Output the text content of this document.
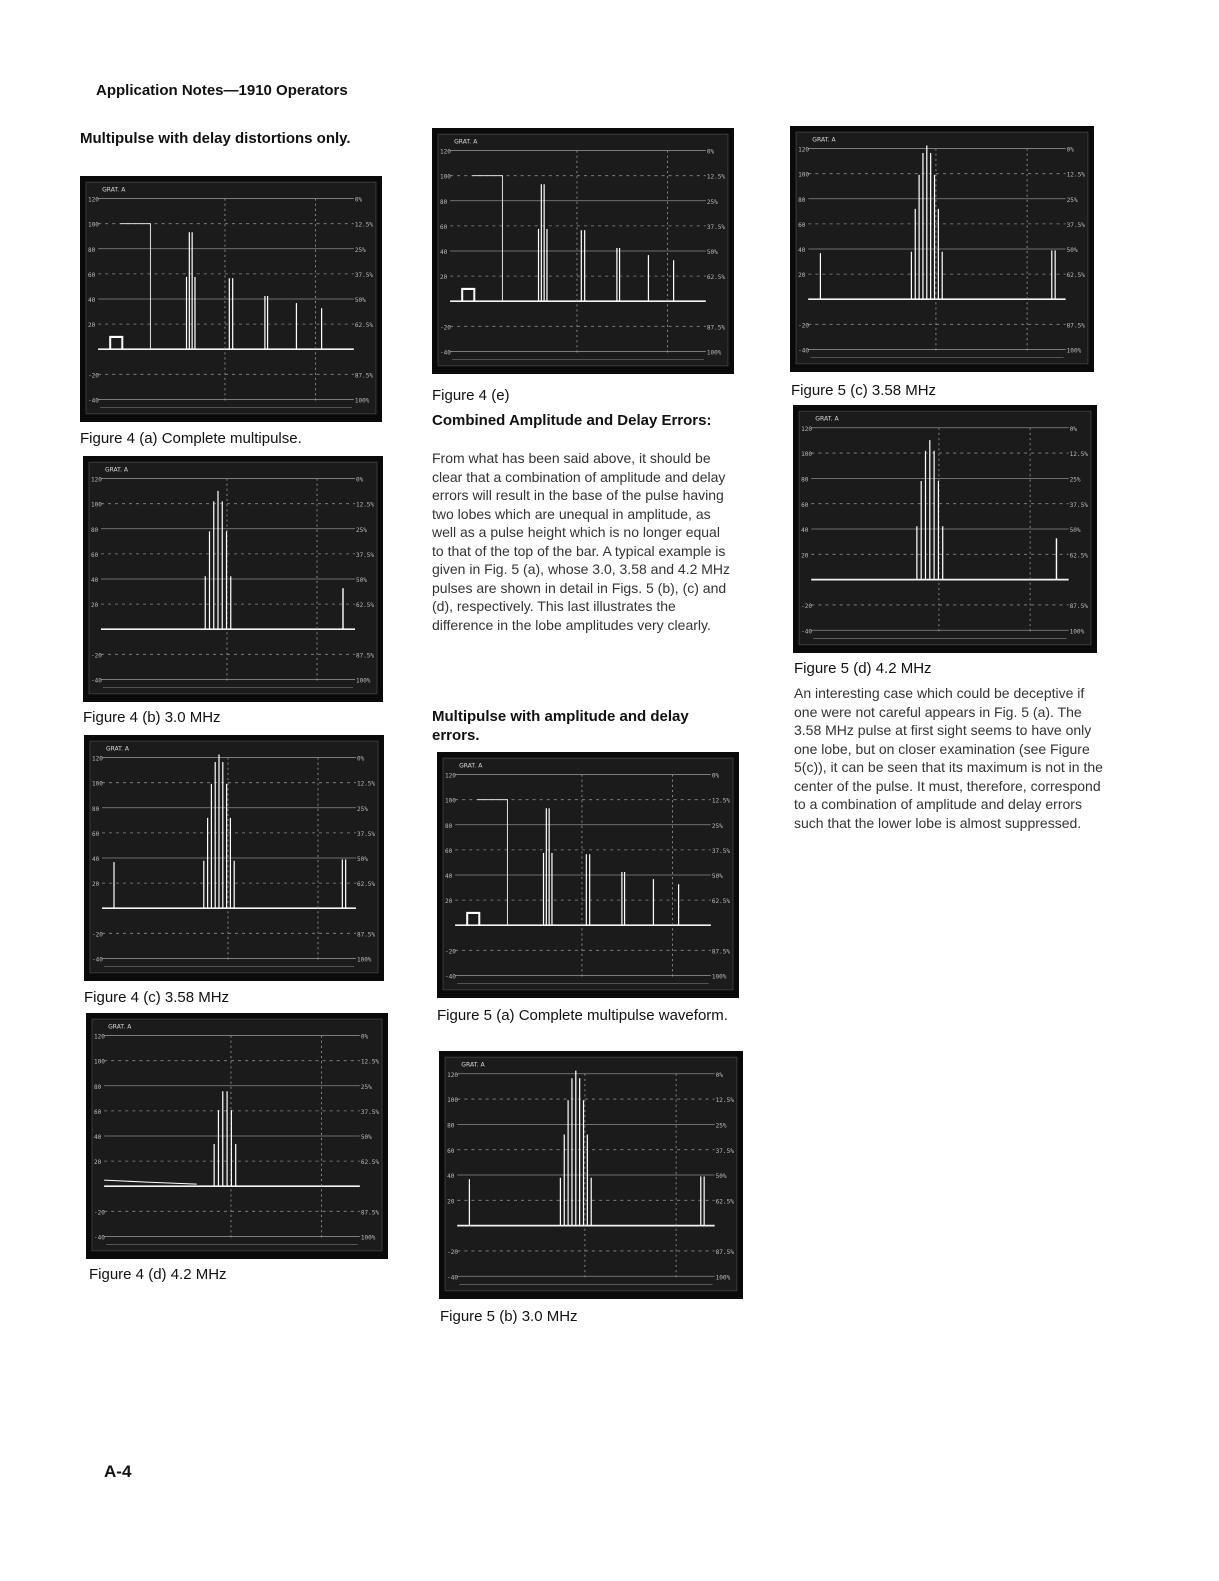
Application Notes—1910 Operators
Multipulse with delay distortions only.
120	0%
100	12.5%
80	25%
60	37.5%
40	50%
20	62.5%
-20	87.5%
-40	100%
GRAT. A
Figure 4 (a) Complete multipulse.
120	0%
100	12.5%
80	25%
60	37.5%
40	50%
20	62.5%
-20	87.5%
-40	100%
GRAT. A
Figure 4 (b) 3.0 MHz
120	0%
100	12.5%
80	25%
60	37.5%
40	50%
20	62.5%
-20	87.5%
-40	100%
GRAT. A
Figure 4 (c) 3.58 MHz
120	0%
100	12.5%
80	25%
60	37.5%
40	50%
20	62.5%
-20	87.5%
-40	100%
GRAT. A
Figure 4 (d) 4.2 MHz
120	0%
100	12.5%
80	25%
60	37.5%
40	50%
20	62.5%
-20	87.5%
-40	100%
GRAT. A
Figure 4 (e)
Combined Amplitude and Delay Errors:

From what has been said above, it should be clear that a combination of amplitude and delay errors will result in the base of the pulse having two lobes which are unequal in amplitude, as well as a pulse height which is no longer equal to that of the top of the bar. A typical example is given in Fig. 5 (a), whose 3.0, 3.58 and 4.2 MHz pulses are shown in detail in Figs. 5 (b), (c) and (d), respectively. This last illustrates the difference in the lobe amplitudes very clearly.

Multipulse with amplitude and delay errors.
120	0%
100	12.5%
80	25%
60	37.5%
40	50%
20	62.5%
-20	87.5%
-40	100%
GRAT. A
Figure 5 (a) Complete multipulse waveform.
120	0%
100	12.5%
80	25%
60	37.5%
40	50%
20	62.5%
-20	87.5%
-40	100%
GRAT. A
Figure 5 (b) 3.0 MHz
120	0%
100	12.5%
80	25%
60	37.5%
40	50%
20	62.5%
-20	87.5%
-40	100%
GRAT. A
Figure 5 (c) 3.58 MHz
120	0%
100	12.5%
80	25%
60	37.5%
40	50%
20	62.5%
-20	87.5%
-40	100%
GRAT. A
Figure 5 (d) 4.2 MHz

An interesting case which could be deceptive if one were not careful appears in Fig. 5 (a). The 3.58 MHz pulse at first sight seems to have only one lobe, but on closer examination (see Figure 5(c)), it can be seen that its maximum is not in the center of the pulse. It must, therefore, correspond to a combination of amplitude and delay errors such that the lower lobe is almost suppressed.

A-4
